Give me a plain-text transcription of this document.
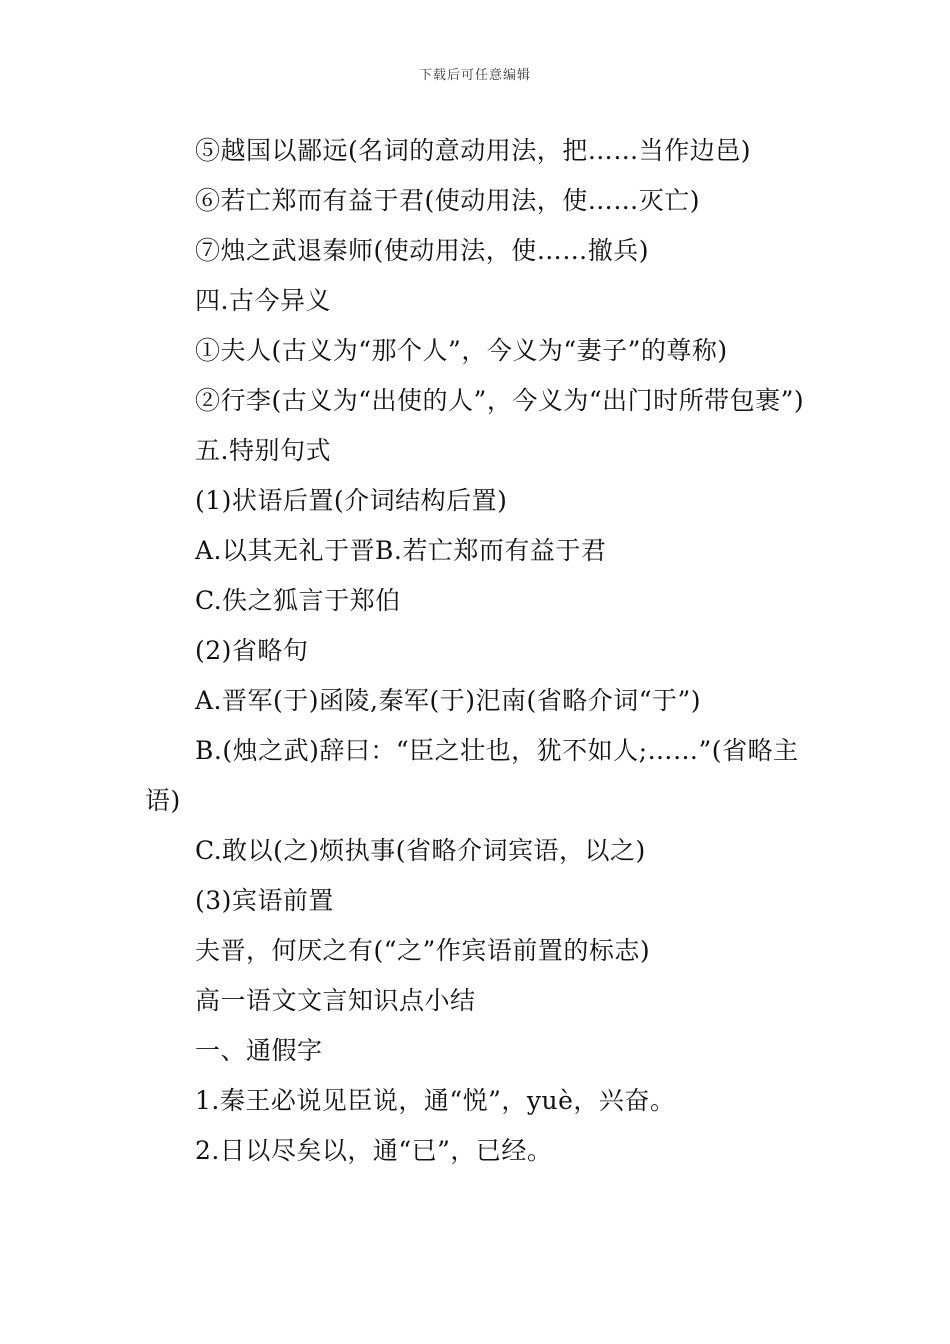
下载后可任意编辑

⑤越国以鄙远(名词的意动用法，把……当作边邑)

⑥若亡郑而有益于君(使动用法，使……灭亡)

⑦烛之武退秦师(使动用法，使……撤兵)

四.古今异义

①夫人(古义为“那个人”，今义为“妻子”的尊称)

②行李(古义为“出使的人”，今义为“出门时所带包裹”)

五.特别句式

(1)状语后置(介词结构后置)

A.以其无礼于晋B.若亡郑而有益于君

C.佚之狐言于郑伯

(2)省略句

A.晋军(于)函陵,秦军(于)汜南(省略介词“于”)

B.(烛之武)辞曰：“臣之壮也，犹不如人;……”(省略主语)

C.敢以(之)烦执事(省略介词宾语，以之)

(3)宾语前置

夫晋，何厌之有(“之”作宾语前置的标志)

高一语文文言知识点小结

一、通假字

1.秦王必说见臣说，通“悦”，yuè，兴奋。

2.日以尽矣以，通“已”，已经。
